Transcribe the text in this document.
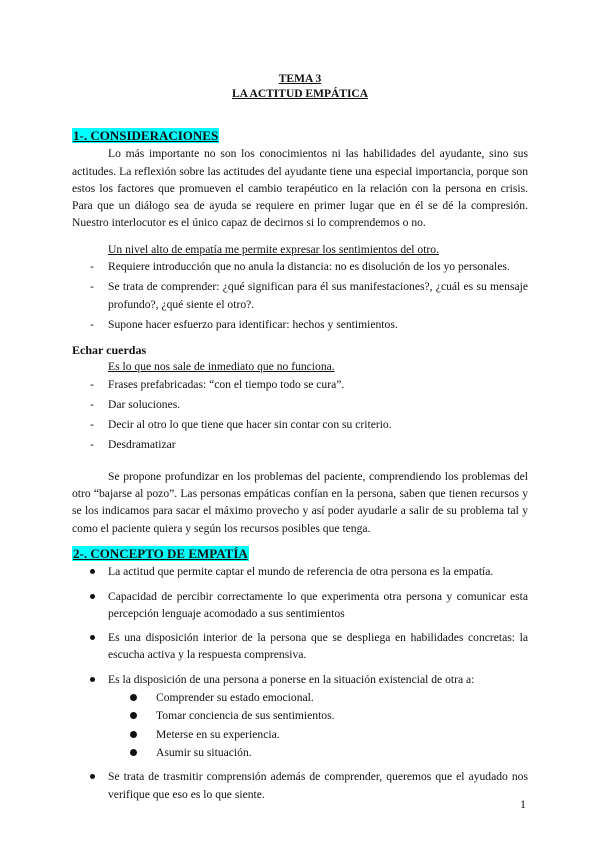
TEMA 3
LA ACTITUD EMPÁTICA
1-. CONSIDERACIONES

Lo más importante no son los conocimientos ni las habilidades del ayudante, sino sus actitudes. La reflexión sobre las actitudes del ayudante tiene una especial importancia, porque son estos los factores que promueven el cambio terapéutico en la relación con la persona en crisis. Para que un diálogo sea de ayuda se requiere en primer lugar que en él se dé la compresión. Nuestro interlocutor es el único capaz de decirnos si lo comprendemos o no.

Un nivel alto de empatía me permite expresar los sentimientos del otro.
- Requiere introducción que no anula la distancia: no es disolución de los yo personales.
- Se trata de comprender: ¿qué significan para él sus manifestaciones?, ¿cuál es su mensaje profundo?, ¿qué siente el otro?.
- Supone hacer esfuerzo para identificar: hechos y sentimientos.
Echar cuerdas
Es lo que nos sale de inmediato que no funciona.
- Frases prefabricadas: “con el tiempo todo se cura”.
- Dar soluciones.
- Decir al otro lo que tiene que hacer sin contar con su criterio.
- Desdramatizar

Se propone profundizar en los problemas del paciente, comprendiendo los problemas del otro “bajarse al pozo”. Las personas empáticas confían en la persona, saben que tienen recursos y se los indicamos para sacar el máximo provecho y así poder ayudarle a salir de su problema tal y como el paciente quiera y según los recursos posibles que tenga.

2-. CONCEPTO DE EMPATÍA
La actitud que permite captar el mundo de referencia de otra persona es la empatía.
Capacidad de percibir correctamente lo que experimenta otra persona y comunicar esta percepción lenguaje acomodado a sus sentimientos
Es una disposición interior de la persona que se despliega en habilidades concretas: la escucha activa y la respuesta comprensiva.
Es la disposición de una persona a ponerse en la situación existencial de otra a:
Comprender su estado emocional.
Tomar conciencia de sus sentimientos.
Meterse en su experiencia.
Asumir su situación.
Se trata de trasmitir comprensión además de comprender, queremos que el ayudado nos verifique que eso es lo que siente.
1
